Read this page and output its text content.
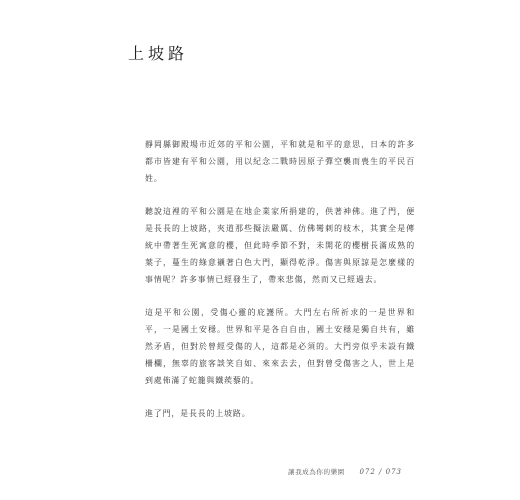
上坡路

靜岡縣御殿場市近郊的平和公園，平和就是和平的意思，日本的許多都市皆建有平和公園，用以紀念二戰時因原子彈空襲而喪生的平民百姓。

聽說這裡的平和公園是在地企業家所捐建的，供著神佛。進了門，便是長長的上坡路，夾道那些擬法嚴厲、仿佛彎刺的枝木，其實全是傳統中帶著生死寓意的櫻，但此時季節不對，未開花的櫻樹長滿成熟的葉子，蔓生的綠意襯著白色大門，顯得乾淨。傷害與原諒是怎麼樣的事情呢？許多事情已經發生了，帶來悲傷，然而又已經過去。

這是平和公園，受傷心靈的庇護所。大門左右所祈求的一是世界和平，一是國土安穩。世界和平是各自自由，國土安穩是獨自共有，雖然矛盾，但對於曾經受傷的人，這都是必須的。大門旁似乎未設有鐵柵欄，無辜的旅客談笑自如、來來去去，但對曾受傷害之人，世上是到處佈滿了蛇籠與鐵蒺藜的。

進了門，是長長的上坡路。

讓我成為你的樂園 072 / 073
